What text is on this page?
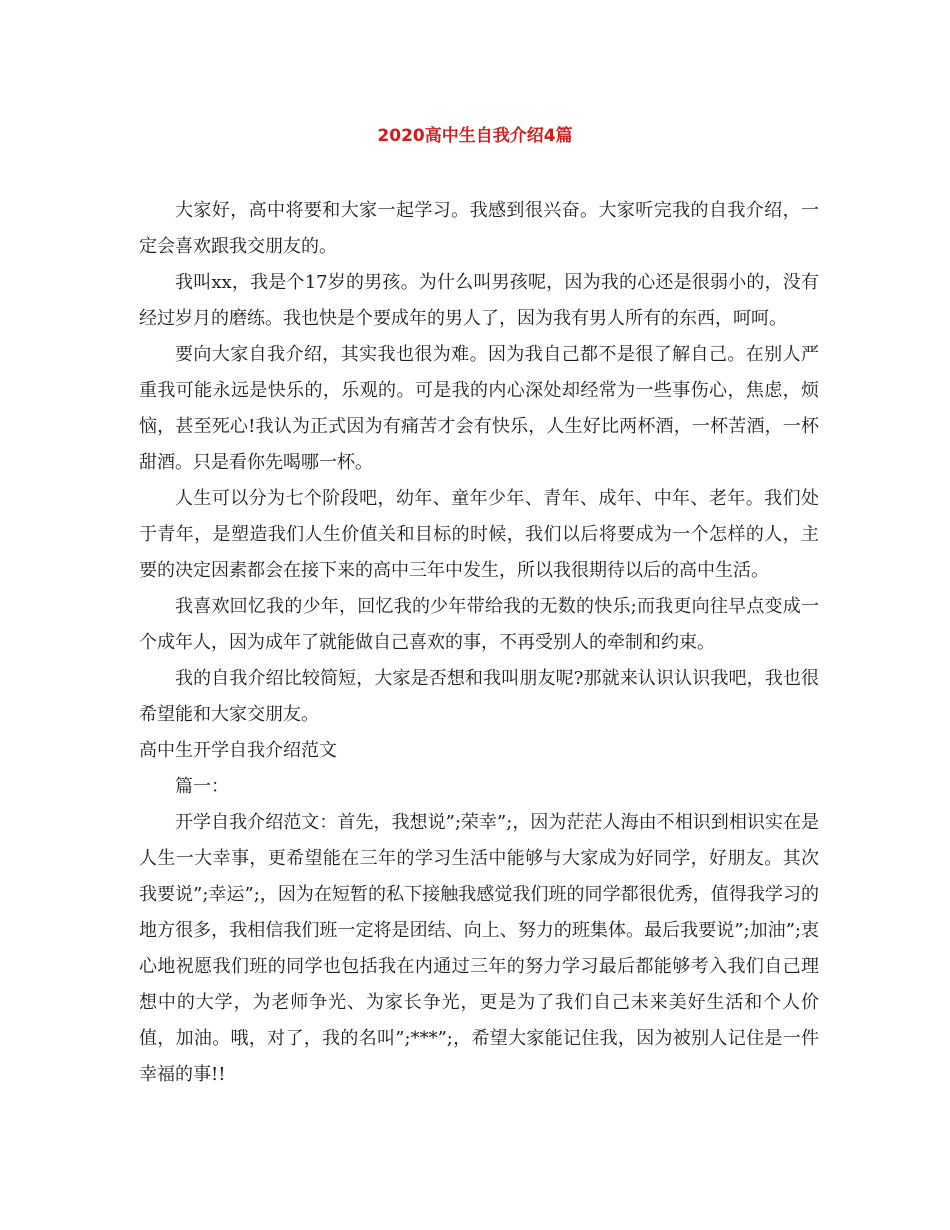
2020高中生自我介绍4篇

大家好，高中将要和大家一起学习。我感到很兴奋。大家听完我的自我介绍，一定会喜欢跟我交朋友的。

我叫xx，我是个17岁的男孩。为什么叫男孩呢，因为我的心还是很弱小的，没有经过岁月的磨练。我也快是个要成年的男人了，因为我有男人所有的东西，呵呵。

要向大家自我介绍，其实我也很为难。因为我自己都不是很了解自己。在别人严重我可能永远是快乐的，乐观的。可是我的内心深处却经常为一些事伤心，焦虑，烦恼，甚至死心!我认为正式因为有痛苦才会有快乐，人生好比两杯酒，一杯苦酒，一杯甜酒。只是看你先喝哪一杯。

人生可以分为七个阶段吧，幼年、童年少年、青年、成年、中年、老年。我们处于青年，是塑造我们人生价值关和目标的时候，我们以后将要成为一个怎样的人，主要的决定因素都会在接下来的高中三年中发生，所以我很期待以后的高中生活。

我喜欢回忆我的少年，回忆我的少年带给我的无数的快乐;而我更向往早点变成一个成年人，因为成年了就能做自己喜欢的事，不再受别人的牵制和约束。

我的自我介绍比较简短，大家是否想和我叫朋友呢?那就来认识认识我吧，我也很希望能和大家交朋友。

高中生开学自我介绍范文

篇一：

开学自我介绍范文：首先，我想说”;荣幸”;，因为茫茫人海由不相识到相识实在是人生一大幸事，更希望能在三年的学习生活中能够与大家成为好同学，好朋友。其次我要说”;幸运”;，因为在短暂的私下接触我感觉我们班的同学都很优秀，值得我学习的地方很多，我相信我们班一定将是团结、向上、努力的班集体。最后我要说”;加油”;衷心地祝愿我们班的同学也包括我在内通过三年的努力学习最后都能够考入我们自己理想中的大学，为老师争光、为家长争光，更是为了我们自己未来美好生活和个人价值，加油。哦，对了，我的名叫”;***”;，希望大家能记住我，因为被别人记住是一件幸福的事!!
